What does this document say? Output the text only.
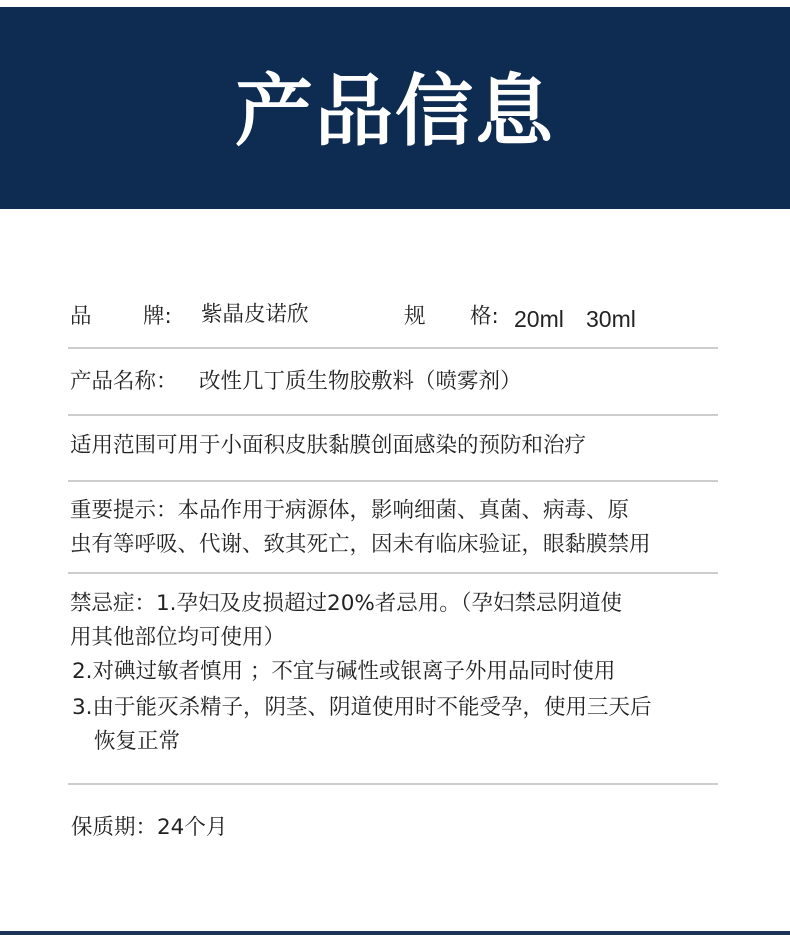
产品信息
品 牌: 紫晶皮诺欣	规 格: 20ml 30ml
产品名称： 改性几丁质生物胶敷料（喷雾剂）
适用范围可用于小面积皮肤黏膜创面感染的预防和治疗
重要提示：本品作用于病源体，影响细菌、真菌、病毒、原
虫有等呼吸、代谢、致其死亡，因未有临床验证，眼黏膜禁用
禁忌症：1.孕妇及皮损超过20%者忌用。（孕妇禁忌阴道使
用其他部位均可使用）
2.对碘过敏者慎用 ；不宜与碱性或银离子外用品同时使用
3.由于能灭杀精子，阴茎、阴道使用时不能受孕，使用三天后
恢复正常
保质期：24个月
